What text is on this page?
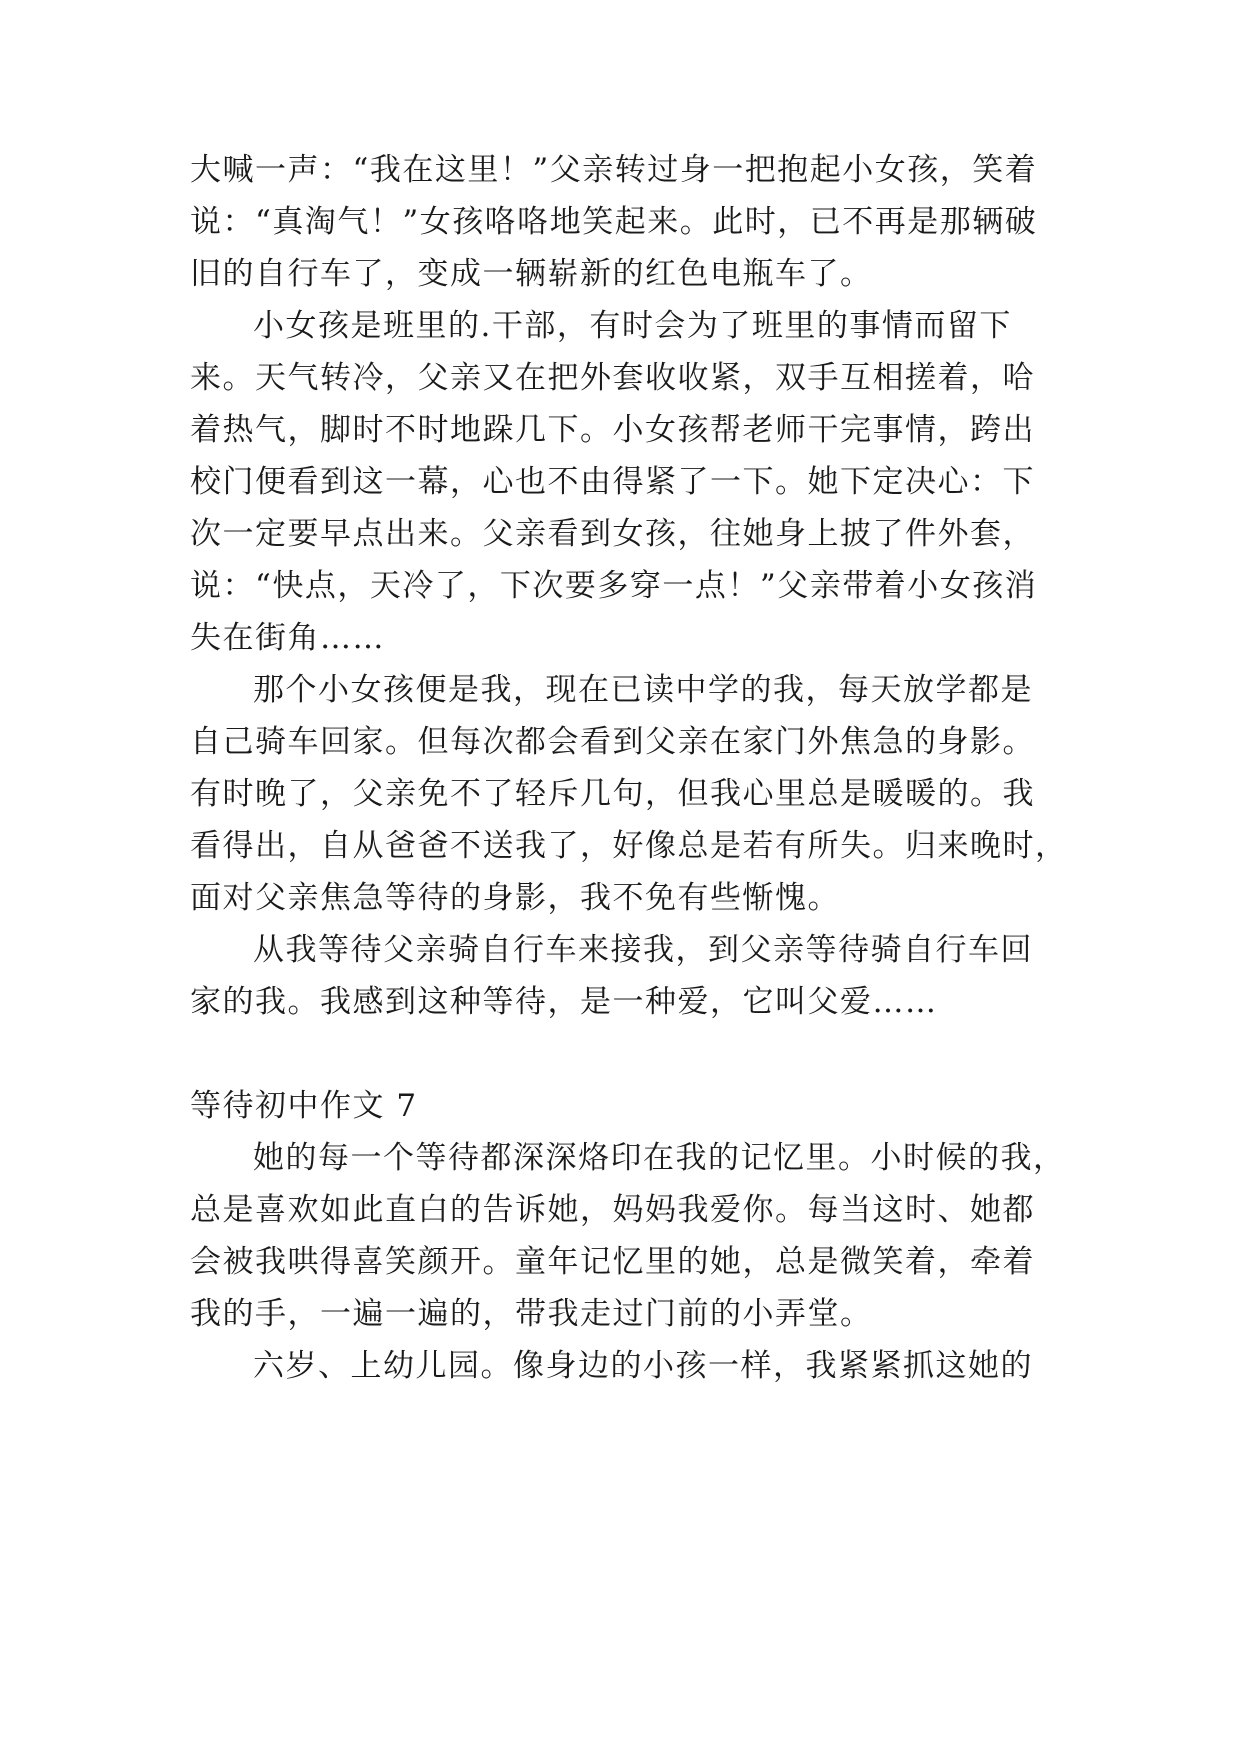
大喊一声：“我在这里！”父亲转过身一把抱起小女孩，笑着
说：“真淘气！”女孩咯咯地笑起来。此时，已不再是那辆破
旧的自行车了，变成一辆崭新的红色电瓶车了。
小女孩是班里的.干部，有时会为了班里的事情而留下
来。天气转冷，父亲又在把外套收收紧，双手互相搓着，哈
着热气，脚时不时地跺几下。小女孩帮老师干完事情，跨出
校门便看到这一幕，心也不由得紧了一下。她下定决心：下
次一定要早点出来。父亲看到女孩，往她身上披了件外套，
说：“快点，天冷了，下次要多穿一点！”父亲带着小女孩消
失在街角……
那个小女孩便是我，现在已读中学的我，每天放学都是
自己骑车回家。但每次都会看到父亲在家门外焦急的身影。
有时晚了，父亲免不了轻斥几句，但我心里总是暖暖的。我
看得出，自从爸爸不送我了，好像总是若有所失。归来晚时，
面对父亲焦急等待的身影，我不免有些惭愧。
从我等待父亲骑自行车来接我，到父亲等待骑自行车回
家的我。我感到这种等待，是一种爱，它叫父爱……
等待初中作文 7
她的每一个等待都深深烙印在我的记忆里。小时候的我，
总是喜欢如此直白的告诉她，妈妈我爱你。每当这时、她都
会被我哄得喜笑颜开。童年记忆里的她，总是微笑着，牵着
我的手，一遍一遍的，带我走过门前的小弄堂。
六岁、上幼儿园。像身边的小孩一样，我紧紧抓这她的
